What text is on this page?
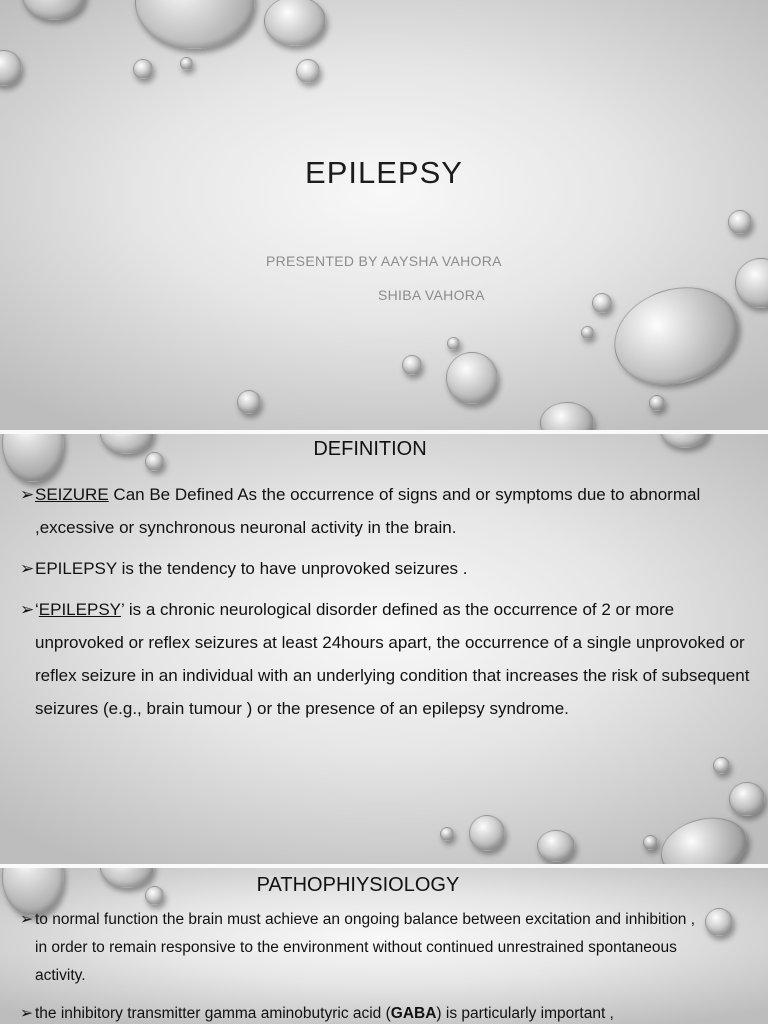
EPILEPSY
PRESENTED BY AAYSHA VAHORA
SHIBA VAHORA
DEFINITION
➢ SEIZURE Can Be Defined As the occurrence of signs and or symptoms due to abnormal ,excessive or synchronous neuronal activity in the brain.
➢ EPILEPSY is the tendency to have unprovoked seizures .
➢ ‘EPILEPSY’ is a chronic neurological disorder defined as the occurrence of 2 or more unprovoked or reflex seizures at least 24hours apart, the occurrence of a single unprovoked or reflex seizure in an individual with an underlying condition that increases the risk of subsequent seizures (e.g., brain tumour ) or the presence of an epilepsy syndrome.
PATHOPHIYSIOLOGY
➢ to normal function the brain must achieve an ongoing balance between excitation and inhibition , in order to remain responsive to the environment without continued unrestrained spontaneous activity.
➢ the inhibitory transmitter gamma aminobutyric acid (GABA) is particularly important ,
